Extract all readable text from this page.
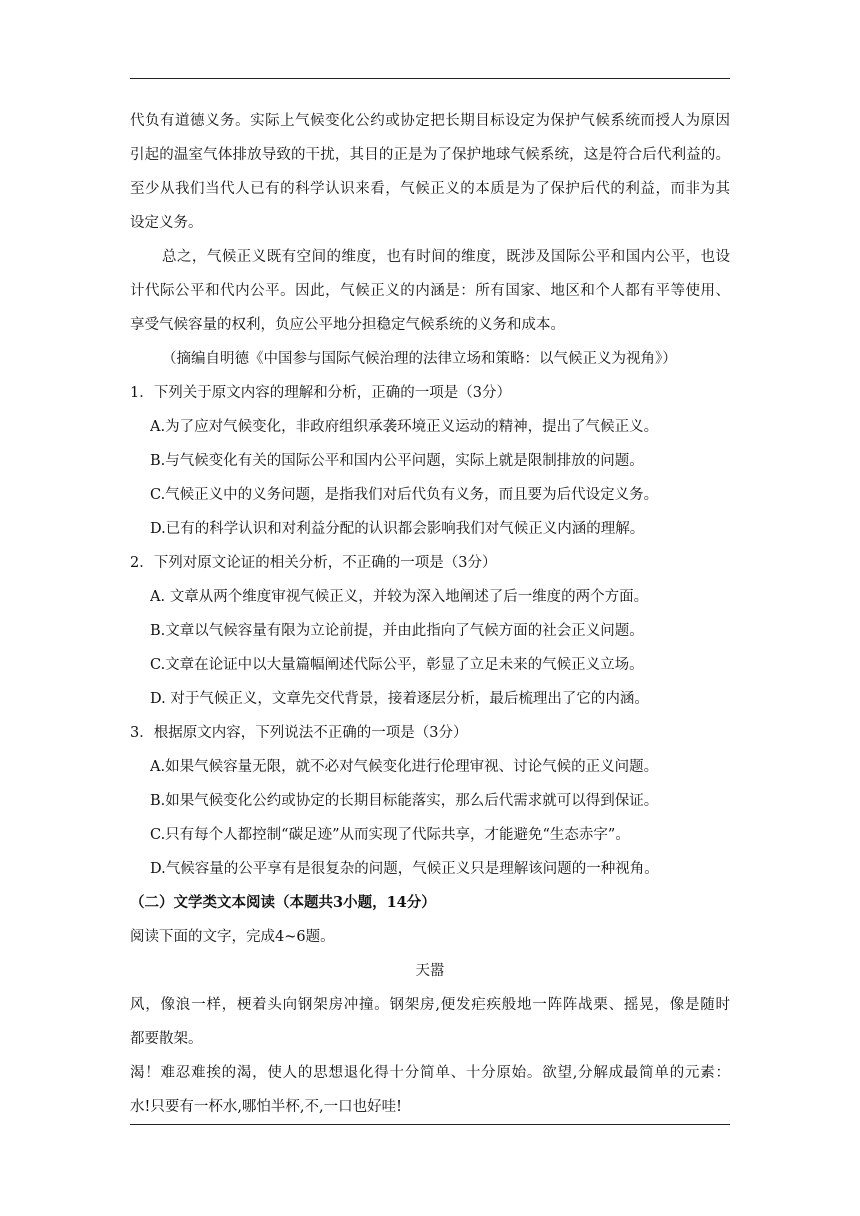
代负有道德义务。实际上气候变化公约或协定把长期目标设定为保护气候系统而授人为原因
引起的温室气体排放导致的干扰，其目的正是为了保护地球气候系统，这是符合后代利益的。
至少从我们当代人已有的科学认识来看，气候正义的本质是为了保护后代的利益，而非为其
设定义务。
总之，气候正义既有空间的维度，也有时间的维度，既涉及国际公平和国内公平，也设
计代际公平和代内公平。因此，气候正义的内涵是：所有国家、地区和个人都有平等使用、
享受气候容量的权利，负应公平地分担稳定气候系统的义务和成本。
（摘编自明德《中国参与国际气候治理的法律立场和策略：以气候正义为视角》）
1．下列关于原文内容的理解和分析，正确的一项是（3分）
A.为了应对气候变化，非政府组织承袭环境正义运动的精神，提出了气候正义。
B.与气候变化有关的国际公平和国内公平问题，实际上就是限制排放的问题。
C.气候正义中的义务问题，是指我们对后代负有义务，而且要为后代设定义务。
D.已有的科学认识和对利益分配的认识都会影响我们对气候正义内涵的理解。
2．下列对原文论证的相关分析，不正确的一项是（3分）
A. 文章从两个维度审视气候正义，并较为深入地阐述了后一维度的两个方面。
B.文章以气候容量有限为立论前提，并由此指向了气候方面的社会正义问题。
C.文章在论证中以大量篇幅阐述代际公平，彰显了立足未来的气候正义立场。
D. 对于气候正义，文章先交代背景，接着逐层分析，最后梳理出了它的内涵。
3．根据原文内容，下列说法不正确的一项是（3分）
A.如果气候容量无限，就不必对气候变化进行伦理审视、讨论气候的正义问题。
B.如果气候变化公约或协定的长期目标能落实，那么后代需求就可以得到保证。
C.只有每个人都控制“碳足迹”从而实现了代际共享，才能避免“生态赤字”。
D.气候容量的公平享有是很复杂的问题，气候正义只是理解该问题的一种视角。
（二）文学类文本阅读（本题共3小题，14分）
阅读下面的文字，完成4~6题。
天嚣
风，像浪一样，梗着头向钢架房冲撞。钢架房,便发疟疾般地一阵阵战栗、摇晃，像是随时
都要散架。
渴！难忍难挨的渴，使人的思想退化得十分简单、十分原始。欲望,分解成最简单的元素：
水!只要有一杯水,哪怕半杯,不,一口也好哇!
